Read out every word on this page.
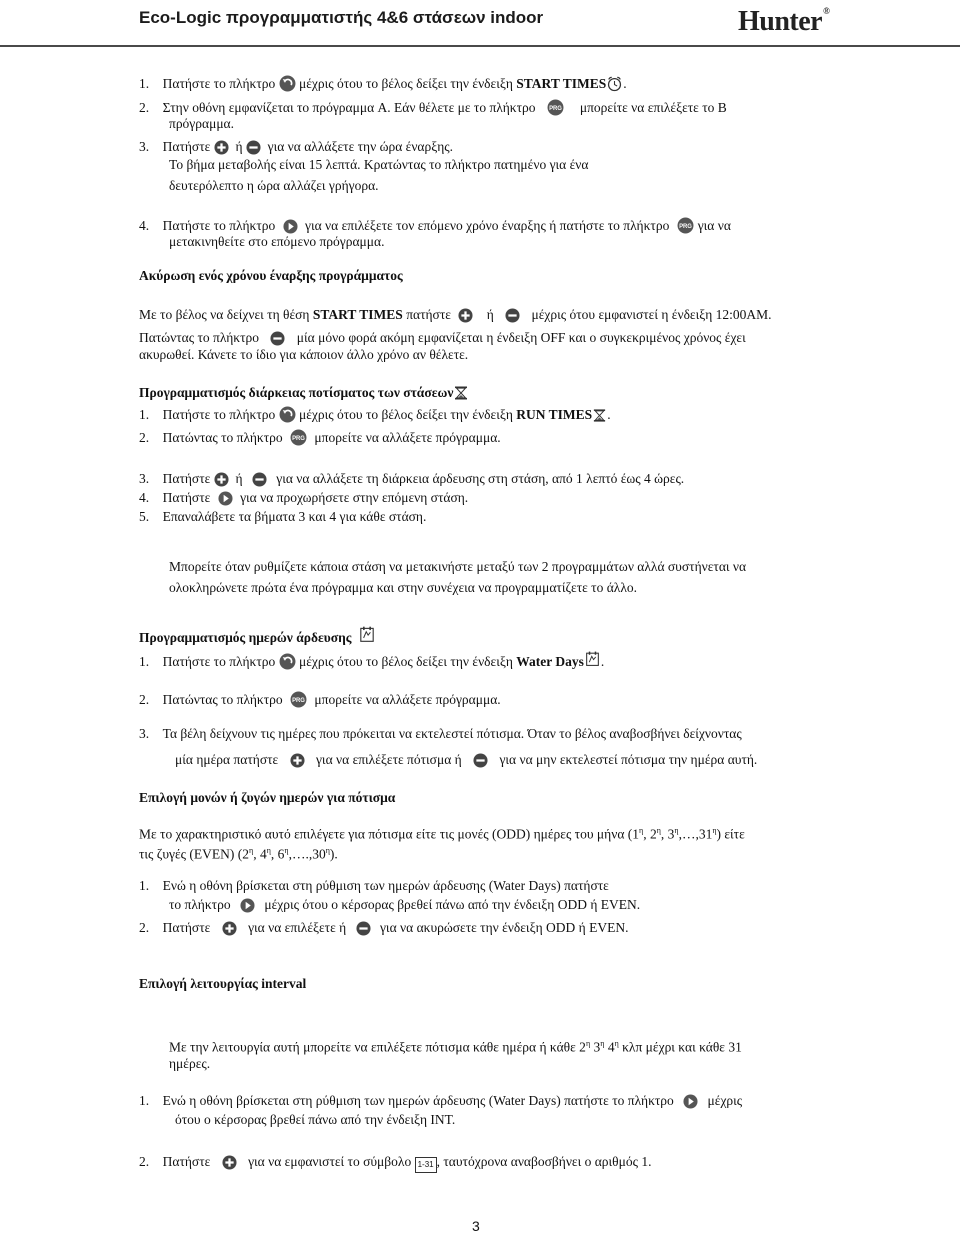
Eco-Logic προγραμματιστής 4&6 στάσεων indoor	Hunter®
1. Πατήστε το πλήκτρο μέχρις ότου το βέλος δείξει την ένδειξη START TIMES .
2. Στην οθόνη εμφανίζεται το πρόγραμμα A. Εάν θέλετε με το πλήκτρο	μπορείτε να επιλέξετε το B
πρόγραμμα.
3. Πατήστε ή για να αλλάξετε την ώρα έναρξης.
Το βήμα μεταβολής είναι 15 λεπτά. Κρατώντας το πλήκτρο πατημένο για ένα
δευτερόλεπτο η ώρα αλλάζει γρήγορα.
4. Πατήστε το πλήκτρο για να επιλέξετε τον επόμενο χρόνο έναρξης ή πατήστε το πλήκτρο για να
μετακινηθείτε στο επόμενο πρόγραμμα.
Ακύρωση ενός χρόνου έναρξης προγράμματος
Με το βέλος να δείχνει τη θέση START TIMES πατήστε	ή	μέχρις ότου εμφανιστεί η ένδειξη 12:00AM.
Πατώντας το πλήκτρο	μία μόνο φορά ακόμη εμφανίζεται η ένδειξη OFF και ο συγκεκριμένος χρόνος έχει
ακυρωθεί. Κάνετε το ίδιο για κάποιον άλλο χρόνο αν θέλετε.
Προγραμματισμός διάρκειας ποτίσματος των στάσεων
1. Πατήστε το πλήκτρο μέχρις ότου το βέλος δείξει την ένδειξη RUN TIMES .
2. Πατώντας το πλήκτρο μπορείτε να αλλάξετε πρόγραμμα.
3. Πατήστε ή	για να αλλάξετε τη διάρκεια άρδευσης στη στάση, από 1 λεπτό έως 4 ώρες.
4. Πατήστε για να προχωρήσετε στην επόμενη στάση.
5. Επαναλάβετε τα βήματα 3 και 4 για κάθε στάση.
Μπορείτε όταν ρυθμίζετε κάποια στάση να μετακινήστε μεταξύ των 2 προγραμμάτων αλλά συστήνεται να
ολοκληρώνετε πρώτα ένα πρόγραμμα και στην συνέχεια να προγραμματίζετε το άλλο.
Προγραμματισμός ημερών άρδευσης
1. Πατήστε το πλήκτρο μέχρις ότου το βέλος δείξει την ένδειξη Water Days .
2. Πατώντας το πλήκτρο μπορείτε να αλλάξετε πρόγραμμα.
3. Τα βέλη δείχνουν τις ημέρες που πρόκειται να εκτελεστεί πότισμα. Όταν το βέλος αναβοσβήνει δείχνοντας
μία ημέρα πατήστε	για να επιλέξετε πότισμα ή	για να μην εκτελεστεί πότισμα την ημέρα αυτή.
Επιλογή μονών ή ζυγών ημερών για πότισμα
Με το χαρακτηριστικό αυτό επιλέγετε για πότισμα είτε τις μονές (ODD) ημέρες του μήνα ($1^\eta$, $2^\eta$, $3^\eta,\dots,31^\eta$) είτε
τις ζυγές (EVEN) ($2^\eta$, $4^\eta$, $6^\eta,\dots.,30^\eta$).
1. Ενώ η οθόνη βρίσκεται στη ρύθμιση των ημερών άρδευσης (Water Days) πατήστε
το πλήκτρο	μέχρις ότου ο κέρσορας βρεθεί πάνω από την ένδειξη ODD ή EVEN.
2. Πατήστε	για να επιλέξετε ή	για να ακυρώσετε την ένδειξη ODD ή EVEN.
Επιλογή λειτουργίας interval
Με την λειτουργία αυτή μπορείτε να επιλέξετε πότισμα κάθε ημέρα ή κάθε $2^\eta$ $3^\eta$ $4^\eta$ κλπ μέχρι και κάθε 31
ημέρες.
1. Ενώ η οθόνη βρίσκεται στη ρύθμιση των ημερών άρδευσης (Water Days) πατήστε το πλήκτρο	μέχρις
ότου ο κέρσορας βρεθεί πάνω από την ένδειξη INT.
2. Πατήστε	για να εμφανιστεί το σύμβολο 1-31 , ταυτόχρονα αναβοσβήνει ο αριθμός 1.
3
